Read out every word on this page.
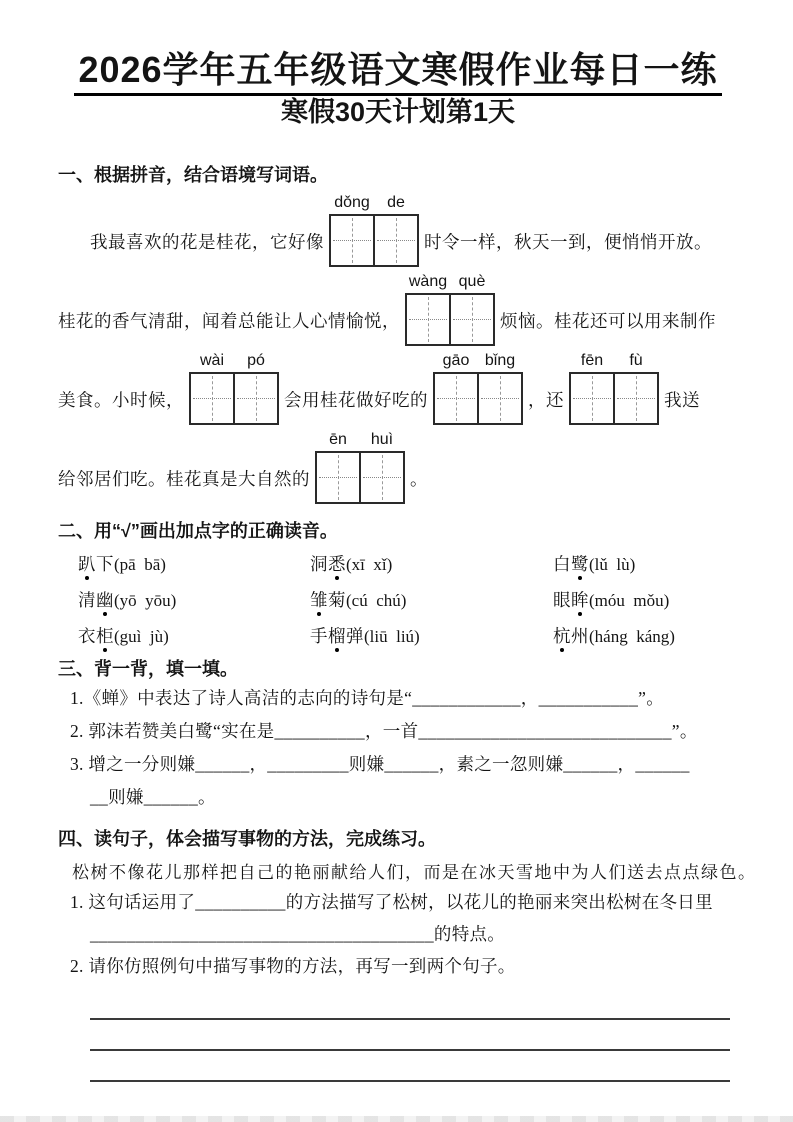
2026学年五年级语文寒假作业每日一练
寒假30天计划第1天
一、根据拼音，结合语境写词语。
我最喜欢的花是桂花，它好像
dǒng	de
时令一样，秋天一到，便悄悄开放。
桂花的香气清甜，闻着总能让人心情愉悦，
wàng què
烦恼。桂花还可以用来制作
美食。小时候，
wài	pó
会用桂花做好吃的
gāo bǐng
，还
fēn	fù
我送
给邻居们吃。桂花真是大自然的
ēn	huì
。
二、用“√”画出加点字的正确读音。
趴下(pā  bā)	洞悉(xī  xǐ)	白鹭(lǔ  lù)
清幽(yō  yōu)	雏菊(cú  chú)	眼眸(móu  mǒu)
衣柜(guì  jù)	手榴弹(liū  liú)	杭州(háng  káng)
三、背一背，填一填。
1.《蝉》中表达了诗人高洁的志向的诗句是“____________，___________”。
2. 郭沫若赞美白鹭“实在是__________，一首____________________________”。
3. 增之一分则嫌______，_________则嫌______，素之一忽则嫌______，______
__则嫌______。
四、读句子，体会描写事物的方法，完成练习。
松树不像花儿那样把自己的艳丽献给人们，而是在冰天雪地中为人们送去点点绿色。
1. 这句话运用了__________的方法描写了松树，以花儿的艳丽来突出松树在冬日里
______________________________________的特点。
2. 请你仿照例句中描写事物的方法，再写一到两个句子。
